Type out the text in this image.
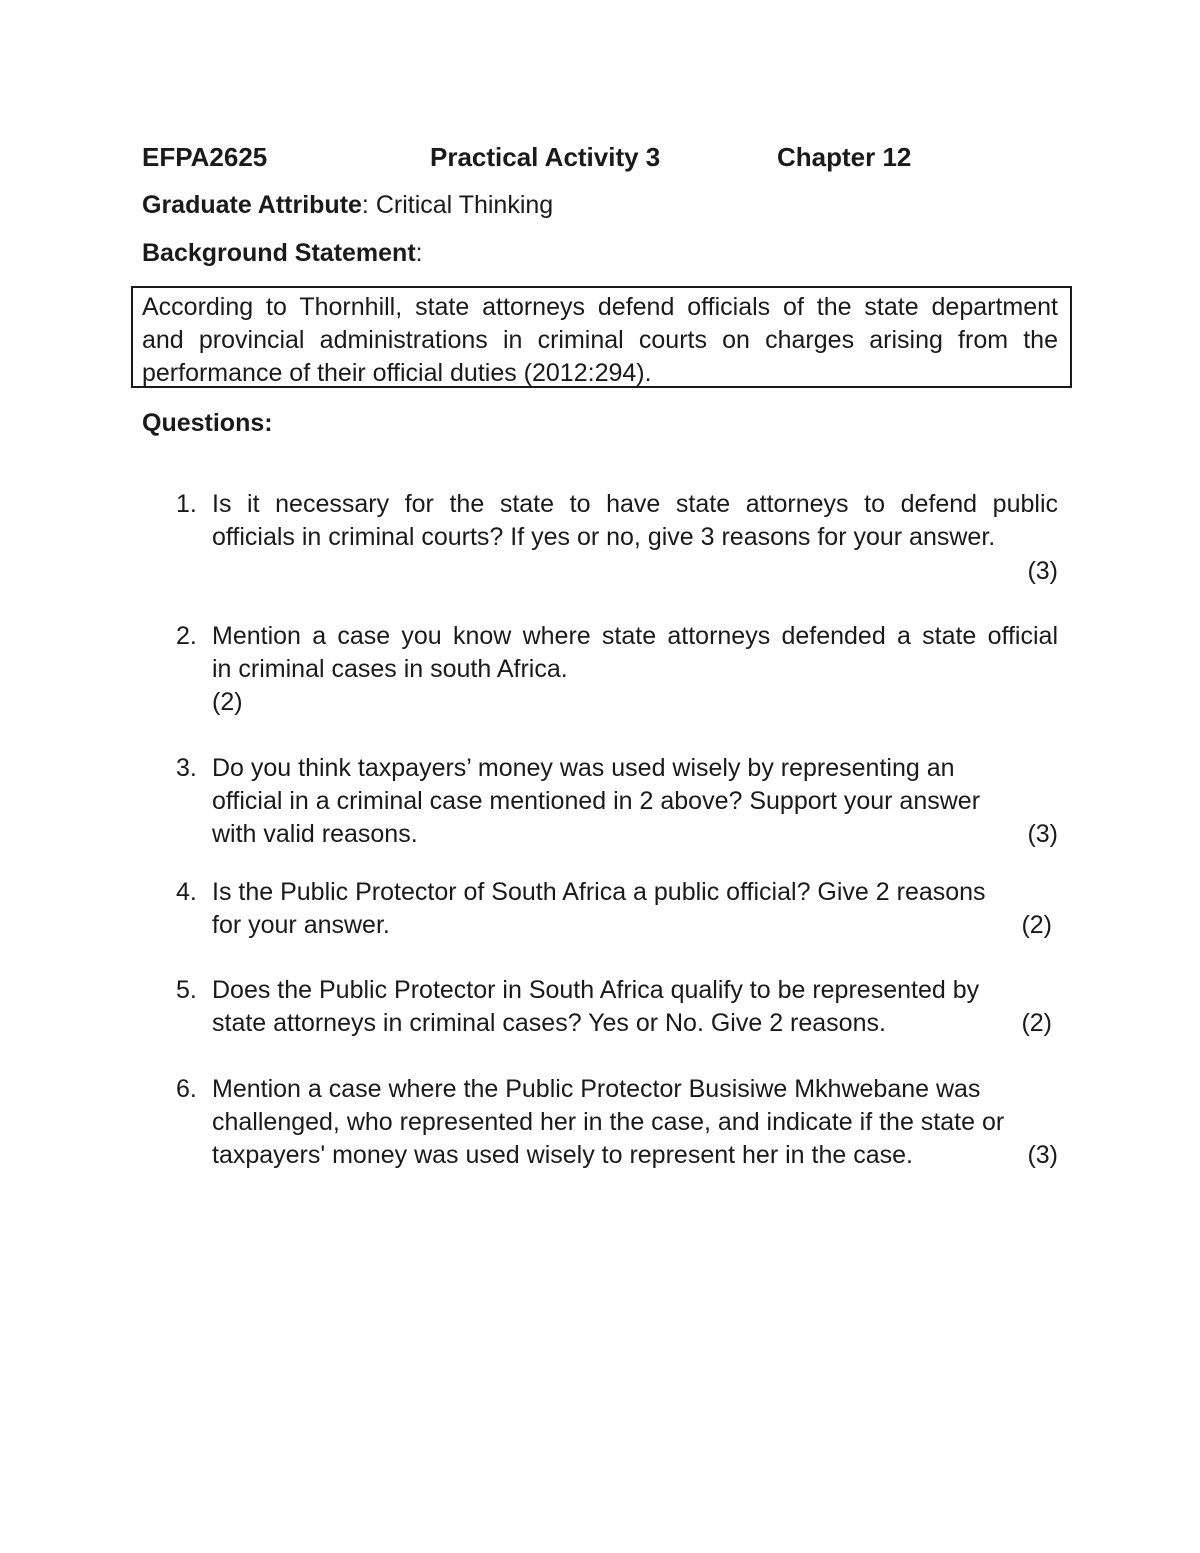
EFPA2625	Practical Activity 3	Chapter 12
Graduate Attribute: Critical Thinking
Background Statement:
According to Thornhill, state attorneys defend officials of the state department
and provincial administrations in criminal courts on charges arising from the
performance of their official duties (2012:294).
Questions:
1. Is it necessary for the state to have state attorneys to defend public
officials in criminal courts? If yes or no, give 3 reasons for your answer.
(3)
2. Mention a case you know where state attorneys defended a state official
in criminal cases in south Africa.
(2)
3. Do you think taxpayers’ money was used wisely by representing an
official in a criminal case mentioned in 2 above? Support your answer
with valid reasons.	(3)
4. Is the Public Protector of South Africa a public official? Give 2 reasons
for your answer.	(2)
5. Does the Public Protector in South Africa qualify to be represented by
state attorneys in criminal cases? Yes or No. Give 2 reasons.	(2)
6. Mention a case where the Public Protector Busisiwe Mkhwebane was
challenged, who represented her in the case, and indicate if the state or
taxpayers' money was used wisely to represent her in the case.	(3)
